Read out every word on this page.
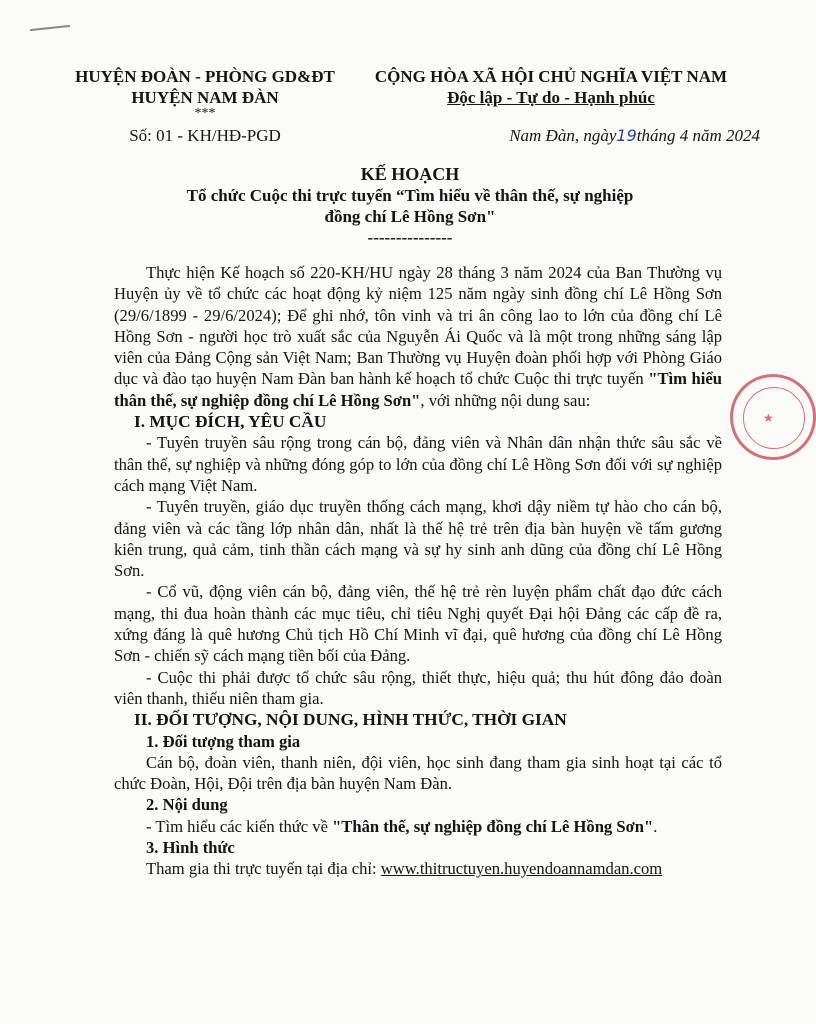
HUYỆN ĐOÀN - PHÒNG GD&ĐT
HUYỆN NAM ĐÀN
***
CỘNG HÒA XÃ HỘI CHỦ NGHĨA VIỆT NAM
Độc lập - Tự do - Hạnh phúc
Số: 01 - KH/HĐ-PGD	Nam Đàn, ngày19tháng 4 năm 2024
KẾ HOẠCH
Tổ chức Cuộc thi trực tuyến “Tìm hiểu về thân thế, sự nghiệp
đồng chí Lê Hồng Sơn"
---------------

Thực hiện Kế hoạch số 220-KH/HU ngày 28 tháng 3 năm 2024 của Ban Thường vụ Huyện ủy về tổ chức các hoạt động kỷ niệm 125 năm ngày sinh đồng chí Lê Hồng Sơn (29/6/1899 - 29/6/2024); Để ghi nhớ, tôn vinh và tri ân công lao to lớn của đồng chí Lê Hồng Sơn - người học trò xuất sắc của Nguyễn Ái Quốc và là một trong những sáng lập viên của Đảng Cộng sản Việt Nam; Ban Thường vụ Huyện đoàn phối hợp với Phòng Giáo dục và đào tạo huyện Nam Đàn ban hành kế hoạch tổ chức Cuộc thi trực tuyến "Tìm hiểu thân thế, sự nghiệp đồng chí Lê Hồng Sơn", với những nội dung sau:

I. MỤC ĐÍCH, YÊU CẦU

- Tuyên truyền sâu rộng trong cán bộ, đảng viên và Nhân dân nhận thức sâu sắc về thân thế, sự nghiệp và những đóng góp to lớn của đồng chí Lê Hồng Sơn đối với sự nghiệp cách mạng Việt Nam.

- Tuyên truyền, giáo dục truyền thống cách mạng, khơi dậy niềm tự hào cho cán bộ, đảng viên và các tầng lớp nhân dân, nhất là thế hệ trẻ trên địa bàn huyện về tấm gương kiên trung, quả cảm, tinh thần cách mạng và sự hy sinh anh dũng của đồng chí Lê Hồng Sơn.

- Cổ vũ, động viên cán bộ, đảng viên, thế hệ trẻ rèn luyện phẩm chất đạo đức cách mạng, thi đua hoàn thành các mục tiêu, chỉ tiêu Nghị quyết Đại hội Đảng các cấp đề ra, xứng đáng là quê hương Chủ tịch Hồ Chí Minh vĩ đại, quê hương của đồng chí Lê Hồng Sơn - chiến sỹ cách mạng tiền bối của Đảng.

- Cuộc thi phải được tổ chức sâu rộng, thiết thực, hiệu quả; thu hút đông đảo đoàn viên thanh, thiếu niên tham gia.

II. ĐỐI TƯỢNG, NỘI DUNG, HÌNH THỨC, THỜI GIAN

1. Đối tượng tham gia

Cán bộ, đoàn viên, thanh niên, đội viên, học sinh đang tham gia sinh hoạt tại các tổ chức Đoàn, Hội, Đội trên địa bàn huyện Nam Đàn.

2. Nội dung

- Tìm hiểu các kiến thức về "Thân thế, sự nghiệp đồng chí Lê Hồng Sơn".

3. Hình thức

Tham gia thi trực tuyến tại địa chỉ: www.thitructuyen.huyendoannamdan.com

★
